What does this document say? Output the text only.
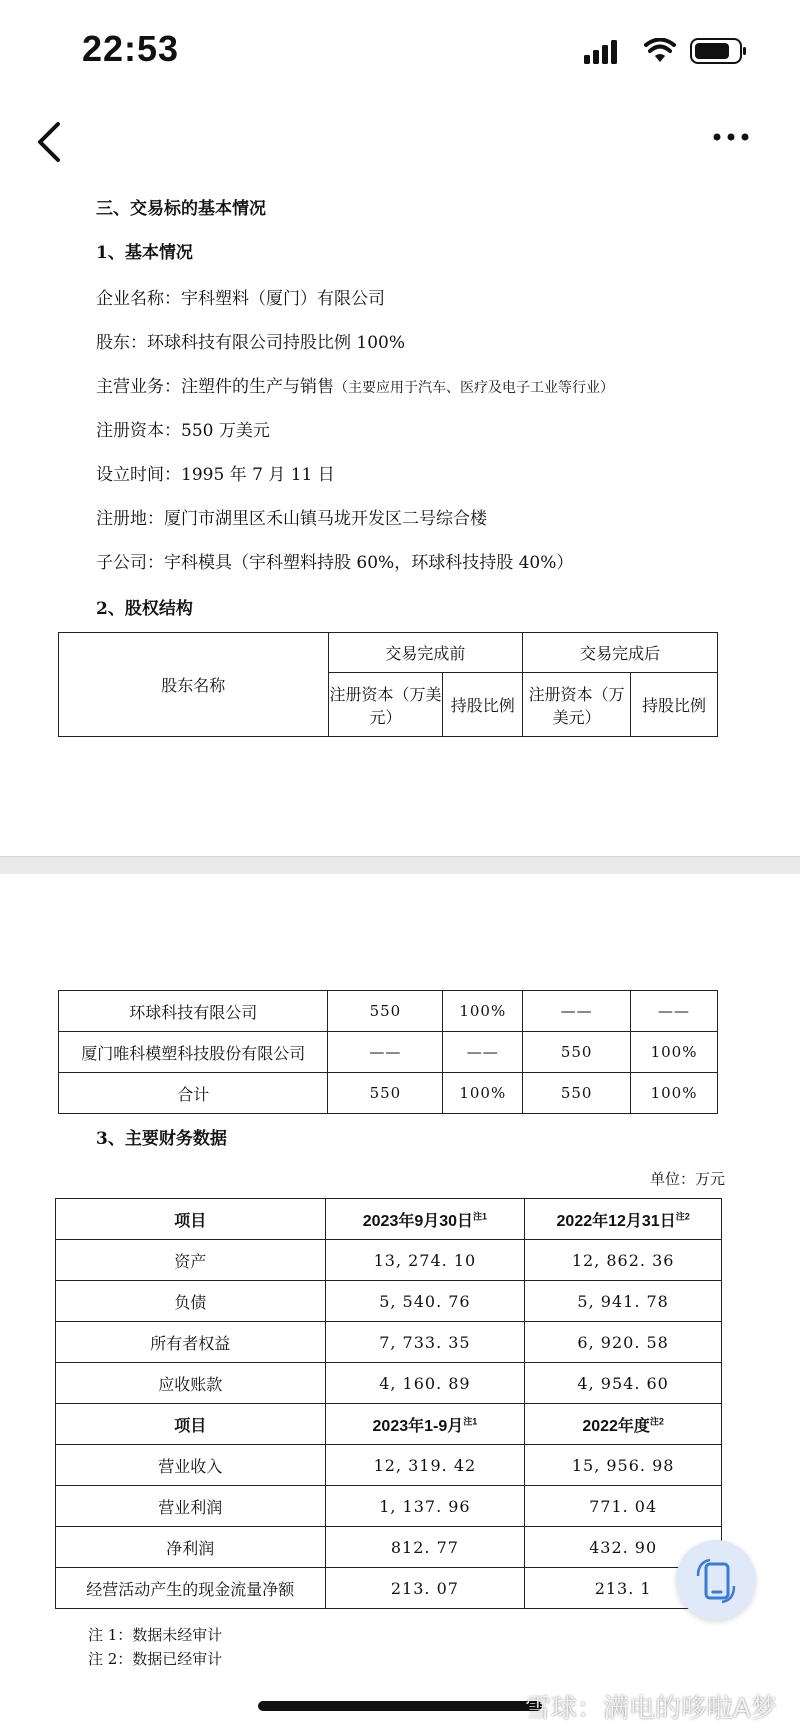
22:53
三、交易标的基本情况
1、基本情况
企业名称：宇科塑料（厦门）有限公司
股东：环球科技有限公司持股比例 100%
主营业务：注塑件的生产与销售（主要应用于汽车、医疗及电子工业等行业）
注册资本：550 万美元
设立时间：1995 年 7 月 11 日
注册地：厦门市湖里区禾山镇马垅开发区二号综合楼
子公司：宇科模具（宇科塑料持股 60%，环球科技持股 40%）
2、股权结构
股东名称	交易完成前		交易完成后	
	注册资本（万美元）	持股比例	注册资本（万美元）	持股比例
环球科技有限公司	550	100%	——	——
厦门唯科模塑科技股份有限公司	——	——	550	100%
合计	550	100%	550	100%
3、主要财务数据
单位：万元
项目	2023年9月30日$^{注1}$	2022年12月31日$^{注2}$
资产	13, 274. 10	12, 862. 36
负债	5, 540. 76	5, 941. 78
所有者权益	7, 733. 35	6, 920. 58
应收账款	4, 160. 89	4, 954. 60
项目	2023年1-9月$^{注1}$	2022年度$^{注2}$
营业收入	12, 319. 42	15, 956. 98
营业利润	1, 137. 96	771. 04
净利润	812. 77	432. 90
经营活动产生的现金流量净额	213. 07	213. 1
注 1：数据未经审计
注 2：数据已经审计
雪球：满电的哆啦A梦
